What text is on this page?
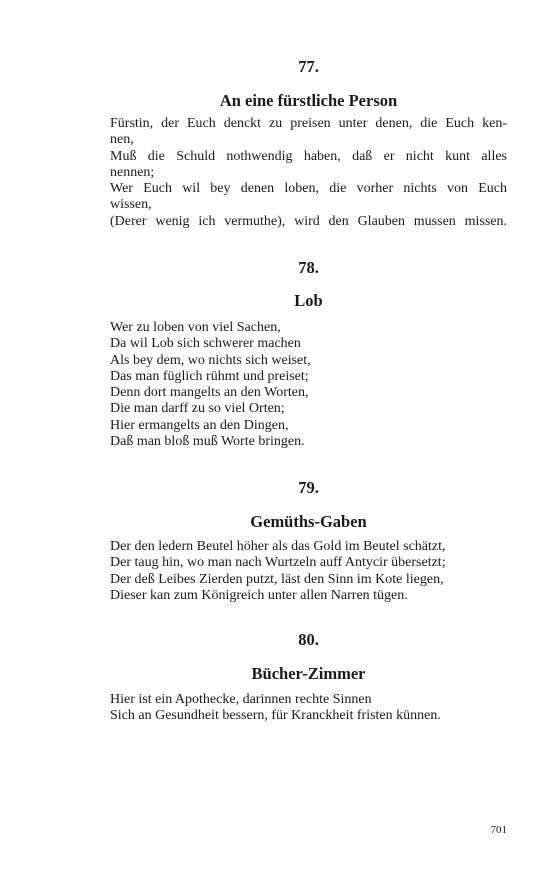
77.
An eine fürstliche Person
Fürstin, der Euch denckt zu preisen unter denen, die Euch ken-
nen,
Muß die Schuld nothwendig haben, daß er nicht kunt alles
nennen;
Wer Euch wil bey denen loben, die vorher nichts von Euch
wissen,
(Derer wenig ich vermuthe), wird den Glauben mussen missen.
78.
Lob
Wer zu loben von viel Sachen,
Da wil Lob sich schwerer machen
Als bey dem, wo nichts sich weiset,
Das man füglich rühmt und preiset;
Denn dort mangelts an den Worten,
Die man darff zu so viel Orten;
Hier ermangelts an den Dingen,
Daß man bloß muß Worte bringen.
79.
Gemüths-Gaben
Der den ledern Beutel höher als das Gold im Beutel schätzt,
Der taug hin, wo man nach Wurtzeln auff Antycir übersetzt;
Der deß Leibes Zierden putzt, läst den Sinn im Kote liegen,
Dieser kan zum Königreich unter allen Narren tügen.
80.
Bücher-Zimmer
Hier ist ein Apothecke, darinnen rechte Sinnen
Sich an Gesundheit bessern, für Kranckheit fristen künnen.
701
